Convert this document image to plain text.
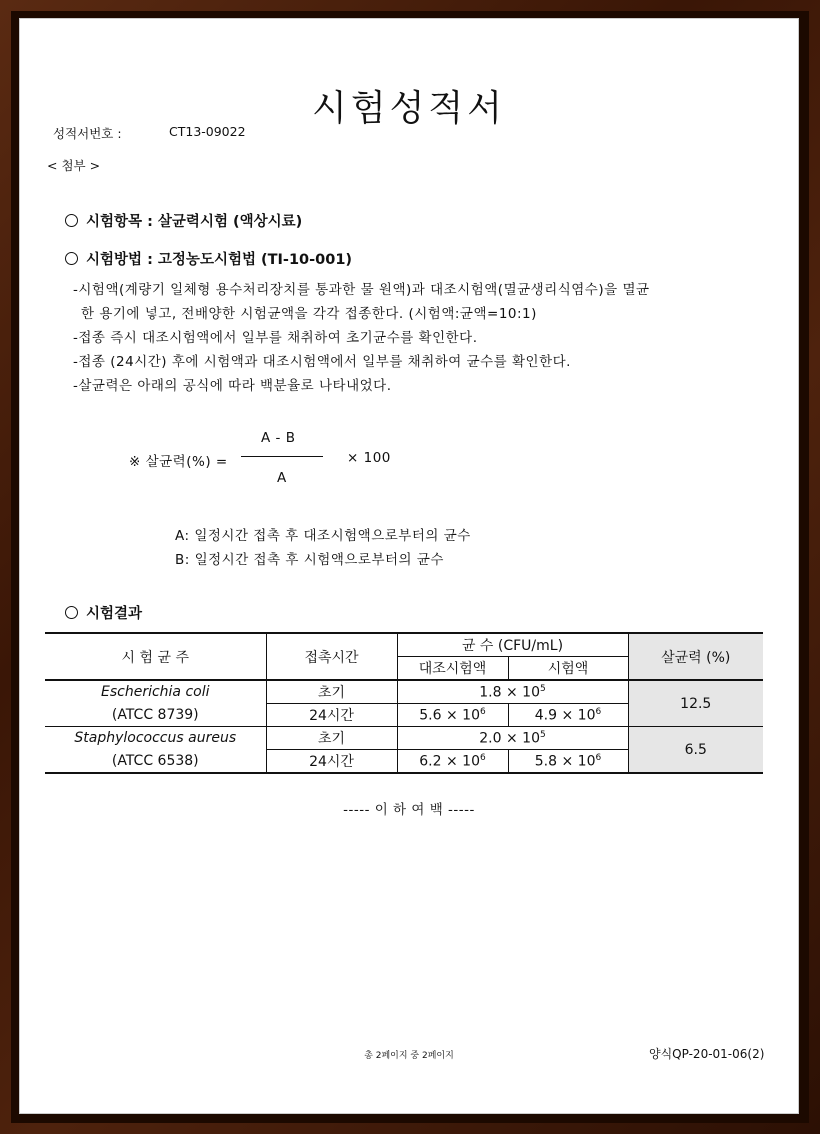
시험성적서
성적서번호 :	CT13-09022
< 첨부 >
시험항목 : 살균력시험 (액상시료)
시험방법 : 고정농도시험법 (TI-10-001)
-시험액(계량기 일체형 용수처리장치를 통과한 물 원액)과 대조시험액(멸균생리식염수)을 멸균
한 용기에 넣고, 전배양한 시험균액을 각각 접종한다. (시험액:균액=10:1)
-접종 즉시 대조시험액에서 일부를 채취하여 초기균수를 확인한다.
-접종 (24시간) 후에 시험액과 대조시험액에서 일부를 채취하여 균수를 확인한다.
-살균력은 아래의 공식에 따라 백분율로 나타내었다.
A - B
※ 살균력(%) =	× 100
A
A: 일정시간 접촉 후 대조시험액으로부터의 균수
B: 일정시간 접촉 후 시험액으로부터의 균수
시험결과
시 험 균 주	접촉시간	균 수 (CFU/mL)		살균력 (%)
		대조시험액	시험액	
Escherichia coli	초기	$1.8 \times 10^5$		12.5
(ATCC 8739)	24시간	$5.6 \times 10^6$	$4.9 \times 10^6$
Staphylococcus aureus	초기	$2.0 \times 10^5$		6.5
(ATCC 6538)	24시간	$6.2 \times 10^6$	$5.8 \times 10^6$
----- 이 하 여 백 -----
총 2페이지 중 2페이지	양식QP-20-01-06(2)
